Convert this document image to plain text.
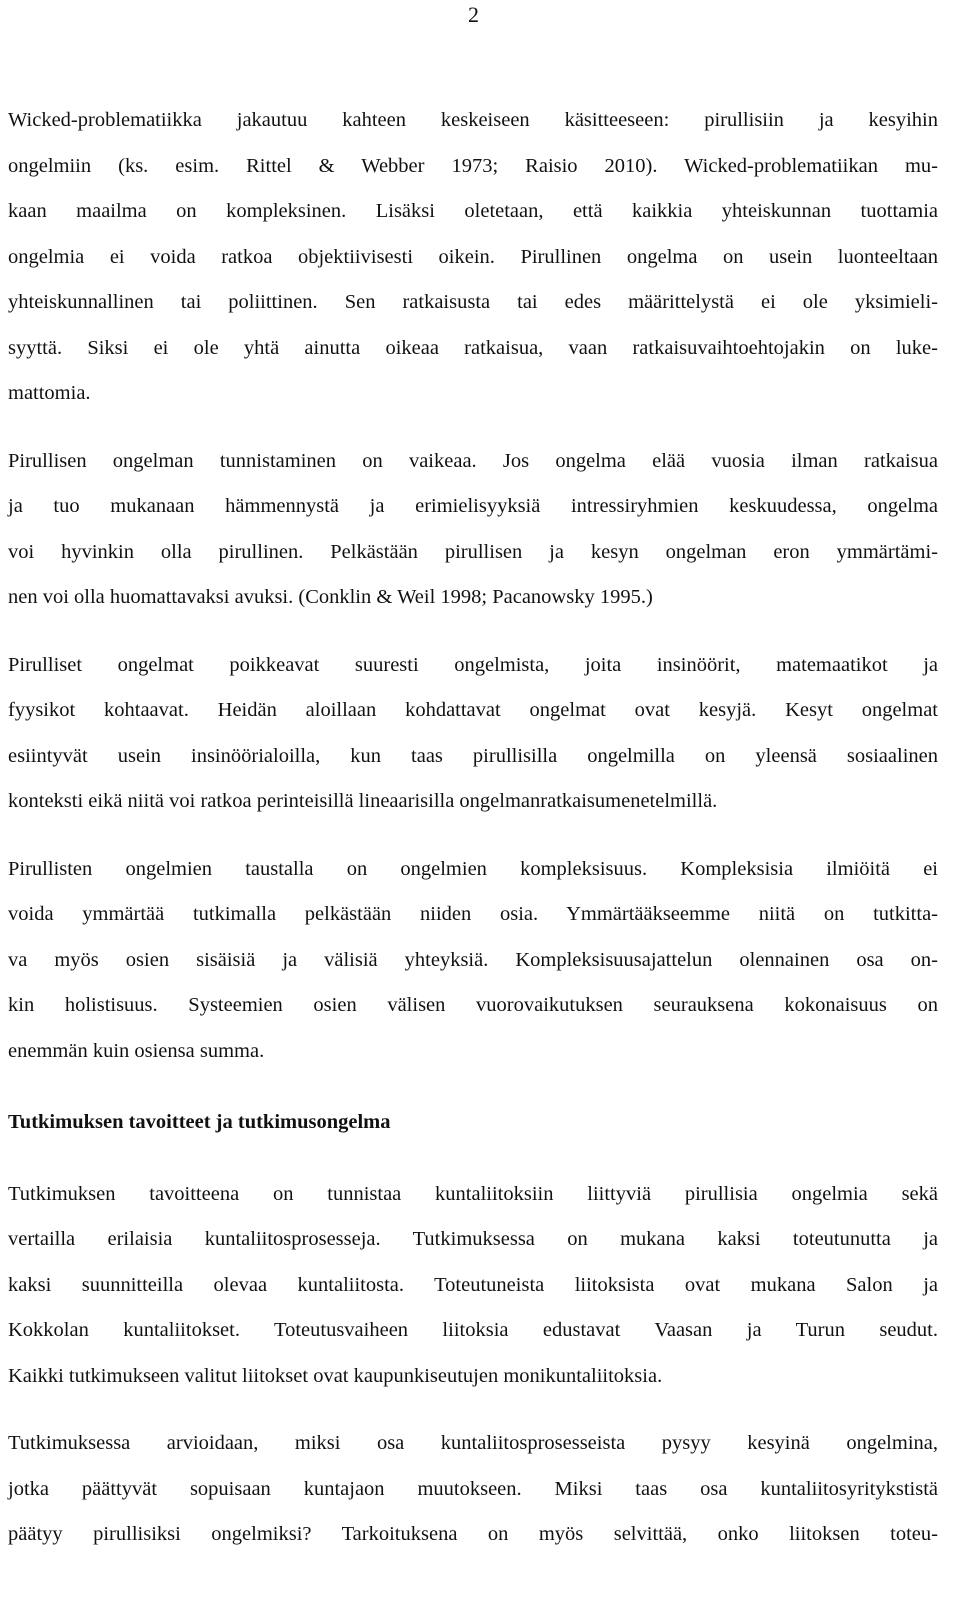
2
Wicked-problematiikka jakautuu kahteen keskeiseen käsitteeseen: pirullisiin ja kesyihin
ongelmiin (ks. esim. Rittel & Webber 1973; Raisio 2010). Wicked-problematiikan mu-
kaan maailma on kompleksinen. Lisäksi oletetaan, että kaikkia yhteiskunnan tuottamia
ongelmia ei voida ratkoa objektiivisesti oikein. Pirullinen ongelma on usein luonteeltaan
yhteiskunnallinen tai poliittinen. Sen ratkaisusta tai edes määrittelystä ei ole yksimieli-
syyttä. Siksi ei ole yhtä ainutta oikeaa ratkaisua, vaan ratkaisuvaihtoehtojakin on luke-
mattomia.
Pirullisen ongelman tunnistaminen on vaikeaa. Jos ongelma elää vuosia ilman ratkaisua
ja tuo mukanaan hämmennystä ja erimielisyyksiä intressiryhmien keskuudessa, ongelma
voi hyvinkin olla pirullinen. Pelkästään pirullisen ja kesyn ongelman eron ymmärtämi-
nen voi olla huomattavaksi avuksi. (Conklin & Weil 1998; Pacanowsky 1995.)
Pirulliset ongelmat poikkeavat suuresti ongelmista, joita insinöörit, matemaatikot ja
fyysikot kohtaavat. Heidän aloillaan kohdattavat ongelmat ovat kesyjä. Kesyt ongelmat
esiintyvät usein insinöörialoilla, kun taas pirullisilla ongelmilla on yleensä sosiaalinen
konteksti eikä niitä voi ratkoa perinteisillä lineaarisilla ongelmanratkaisumenetelmillä.
Pirullisten ongelmien taustalla on ongelmien kompleksisuus. Kompleksisia ilmiöitä ei
voida ymmärtää tutkimalla pelkästään niiden osia. Ymmärtääkseemme niitä on tutkitta-
va myös osien sisäisiä ja välisiä yhteyksiä. Kompleksisuusajattelun olennainen osa on-
kin holistisuus. Systeemien osien välisen vuorovaikutuksen seurauksena kokonaisuus on
enemmän kuin osiensa summa.
Tutkimuksen tavoitteet ja tutkimusongelma
Tutkimuksen tavoitteena on tunnistaa kuntaliitoksiin liittyviä pirullisia ongelmia sekä
vertailla erilaisia kuntaliitosprosesseja. Tutkimuksessa on mukana kaksi toteutunutta ja
kaksi suunnitteilla olevaa kuntaliitosta. Toteutuneista liitoksista ovat mukana Salon ja
Kokkolan kuntaliitokset. Toteutusvaiheen liitoksia edustavat Vaasan ja Turun seudut.
Kaikki tutkimukseen valitut liitokset ovat kaupunkiseutujen monikuntaliitoksia.
Tutkimuksessa arvioidaan, miksi osa kuntaliitosprosesseista pysyy kesyinä ongelmina,
jotka päättyvät sopuisaan kuntajaon muutokseen. Miksi taas osa kuntaliitosyritykstistä
päätyy pirullisiksi ongelmiksi? Tarkoituksena on myös selvittää, onko liitoksen toteu-
